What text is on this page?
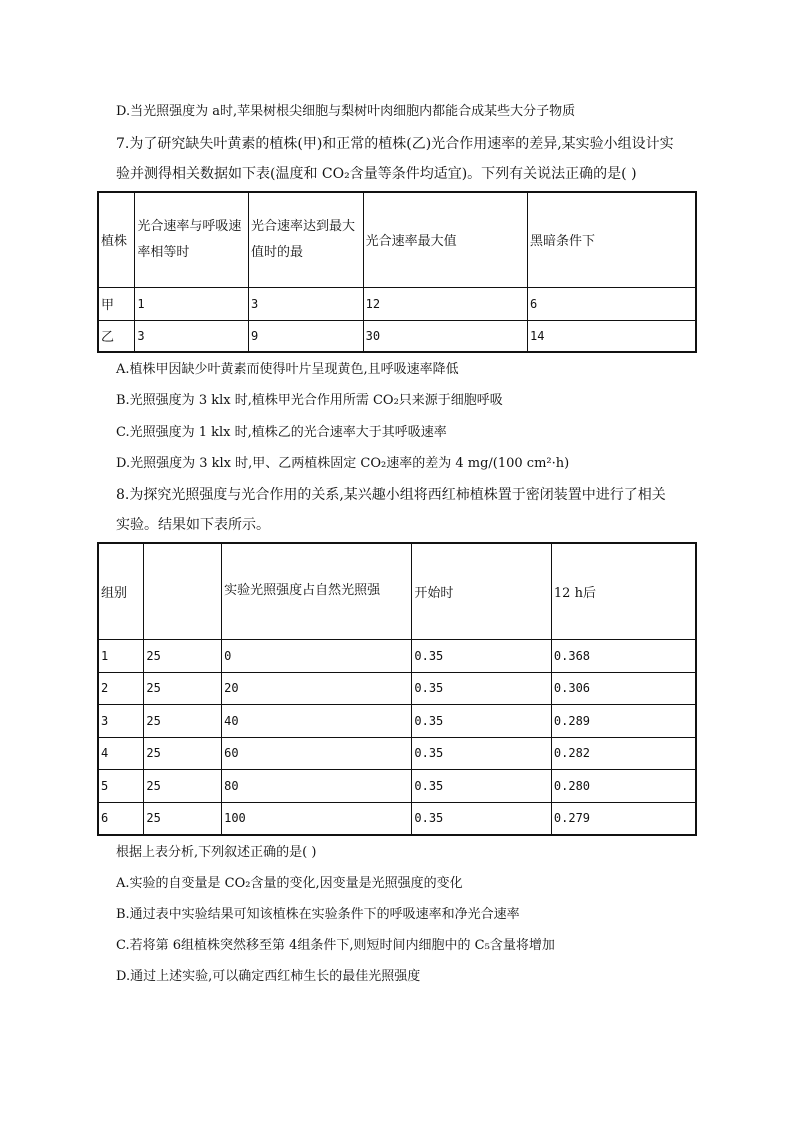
D.当光照强度为 a时,苹果树根尖细胞与梨树叶肉细胞内都能合成某些大分子物质

7.为了研究缺失叶黄素的植株(甲)和正常的植株(乙)光合作用速率的差异,某实验小组设计实

验并测得相关数据如下表(温度和 CO₂含量等条件均适宜)。下列有关说法正确的是( )

植株	光合速率与呼吸速率相等时	光合速率达到最大值时的最	光合速率最大值	黑暗条件下
甲	1	3	12	6
乙	3	9	30	14
A.植株甲因缺少叶黄素而使得叶片呈现黄色,且呼吸速率降低
B.光照强度为 3 klx 时,植株甲光合作用所需 CO₂只来源于细胞呼吸
C.光照强度为 1 klx 时,植株乙的光合速率大于其呼吸速率
D.光照强度为 3 klx 时,甲、乙两植株固定 CO₂速率的差为 4 mg/(100 cm²·h)

8.为探究光照强度与光合作用的关系,某兴趣小组将西红柿植株置于密闭装置中进行了相关

实验。结果如下表所示。

组别		实验光照强度占自然光照强	开始时	12 h后
1	25	0	0.35	0.368
2	25	20	0.35	0.306
3	25	40	0.35	0.289
4	25	60	0.35	0.282
5	25	80	0.35	0.280
6	25	100	0.35	0.279
根据上表分析,下列叙述正确的是( )
A.实验的自变量是 CO₂含量的变化,因变量是光照强度的变化
B.通过表中实验结果可知该植株在实验条件下的呼吸速率和净光合速率
C.若将第 6组植株突然移至第 4组条件下,则短时间内细胞中的 C₅含量将增加
D.通过上述实验,可以确定西红柿生长的最佳光照强度
